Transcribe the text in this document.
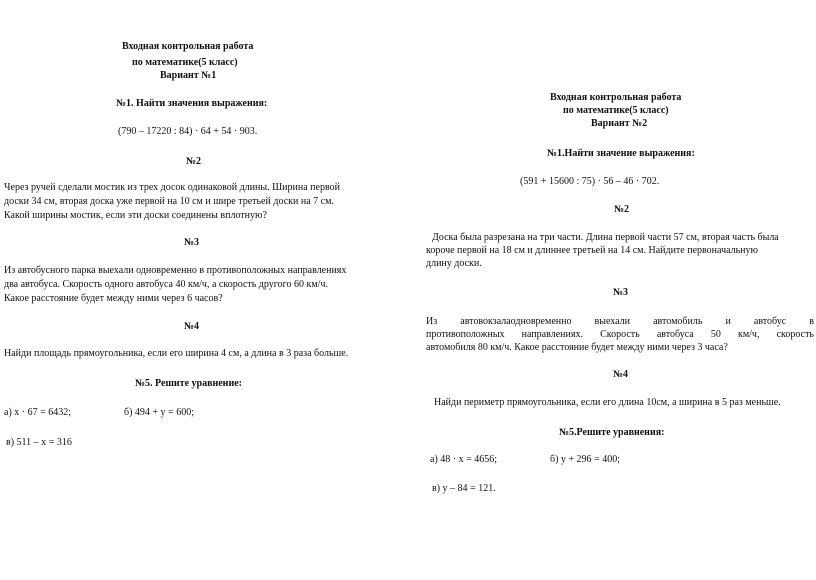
Входная контрольная работа
по математике(5 класс)
Вариант №1
№1. Найти значения выражения:
(790 – 17220 : 84) · 64 + 54 · 903.
№2
Через ручей сделали мостик из трех досок одинаковой длины. Ширина первой
доски 34 см, вторая доска уже первой на 10 см и шире третьей доски на 7 см.
Какой ширины мостик, если эти доски соединены вплотную?
№3
Из автобусного парка выехали одновременно в противоположных направлениях
два автобуса. Скорость одного автобуса 40 км/ч, а скорость другого 60 км/ч.
Какое расстояние будет между ними через 6 часов?
№4
Найди площадь прямоугольника, если его ширина 4 см, а длина в 3 раза больше.
№5. Решите уравнение:
а) х · 67 = 6432;	б) 494 + у = 600;
в) 511 – х = 316
Входная контрольная работа
по математике(5 класс)
Вариант №2
№1.Найти значение выражения:
(591 + 15600 : 75) · 56 – 46 · 702.
№2
Доска была разрезана на три части. Длина первой части 57 см, вторая часть была
короче первой на 18 см и длиннее третьей на 14 см. Найдите первоначальную
длину доски.
№3
Из автовокзалаодновременно выехали автомобиль и автобус в
противоположных направлениях. Скорость автобуса 50 км/ч, скорость
автомобиля 80 км/ч. Какое расстояние будет между ними через 3 часа?
№4
Найди периметр прямоугольника, если его длина 10см, а ширина в 5 раз меньше.
№5.Решите уравнения:
а) 48 · х = 4656;	б) у + 296 = 400;
в) у – 84 = 121.
